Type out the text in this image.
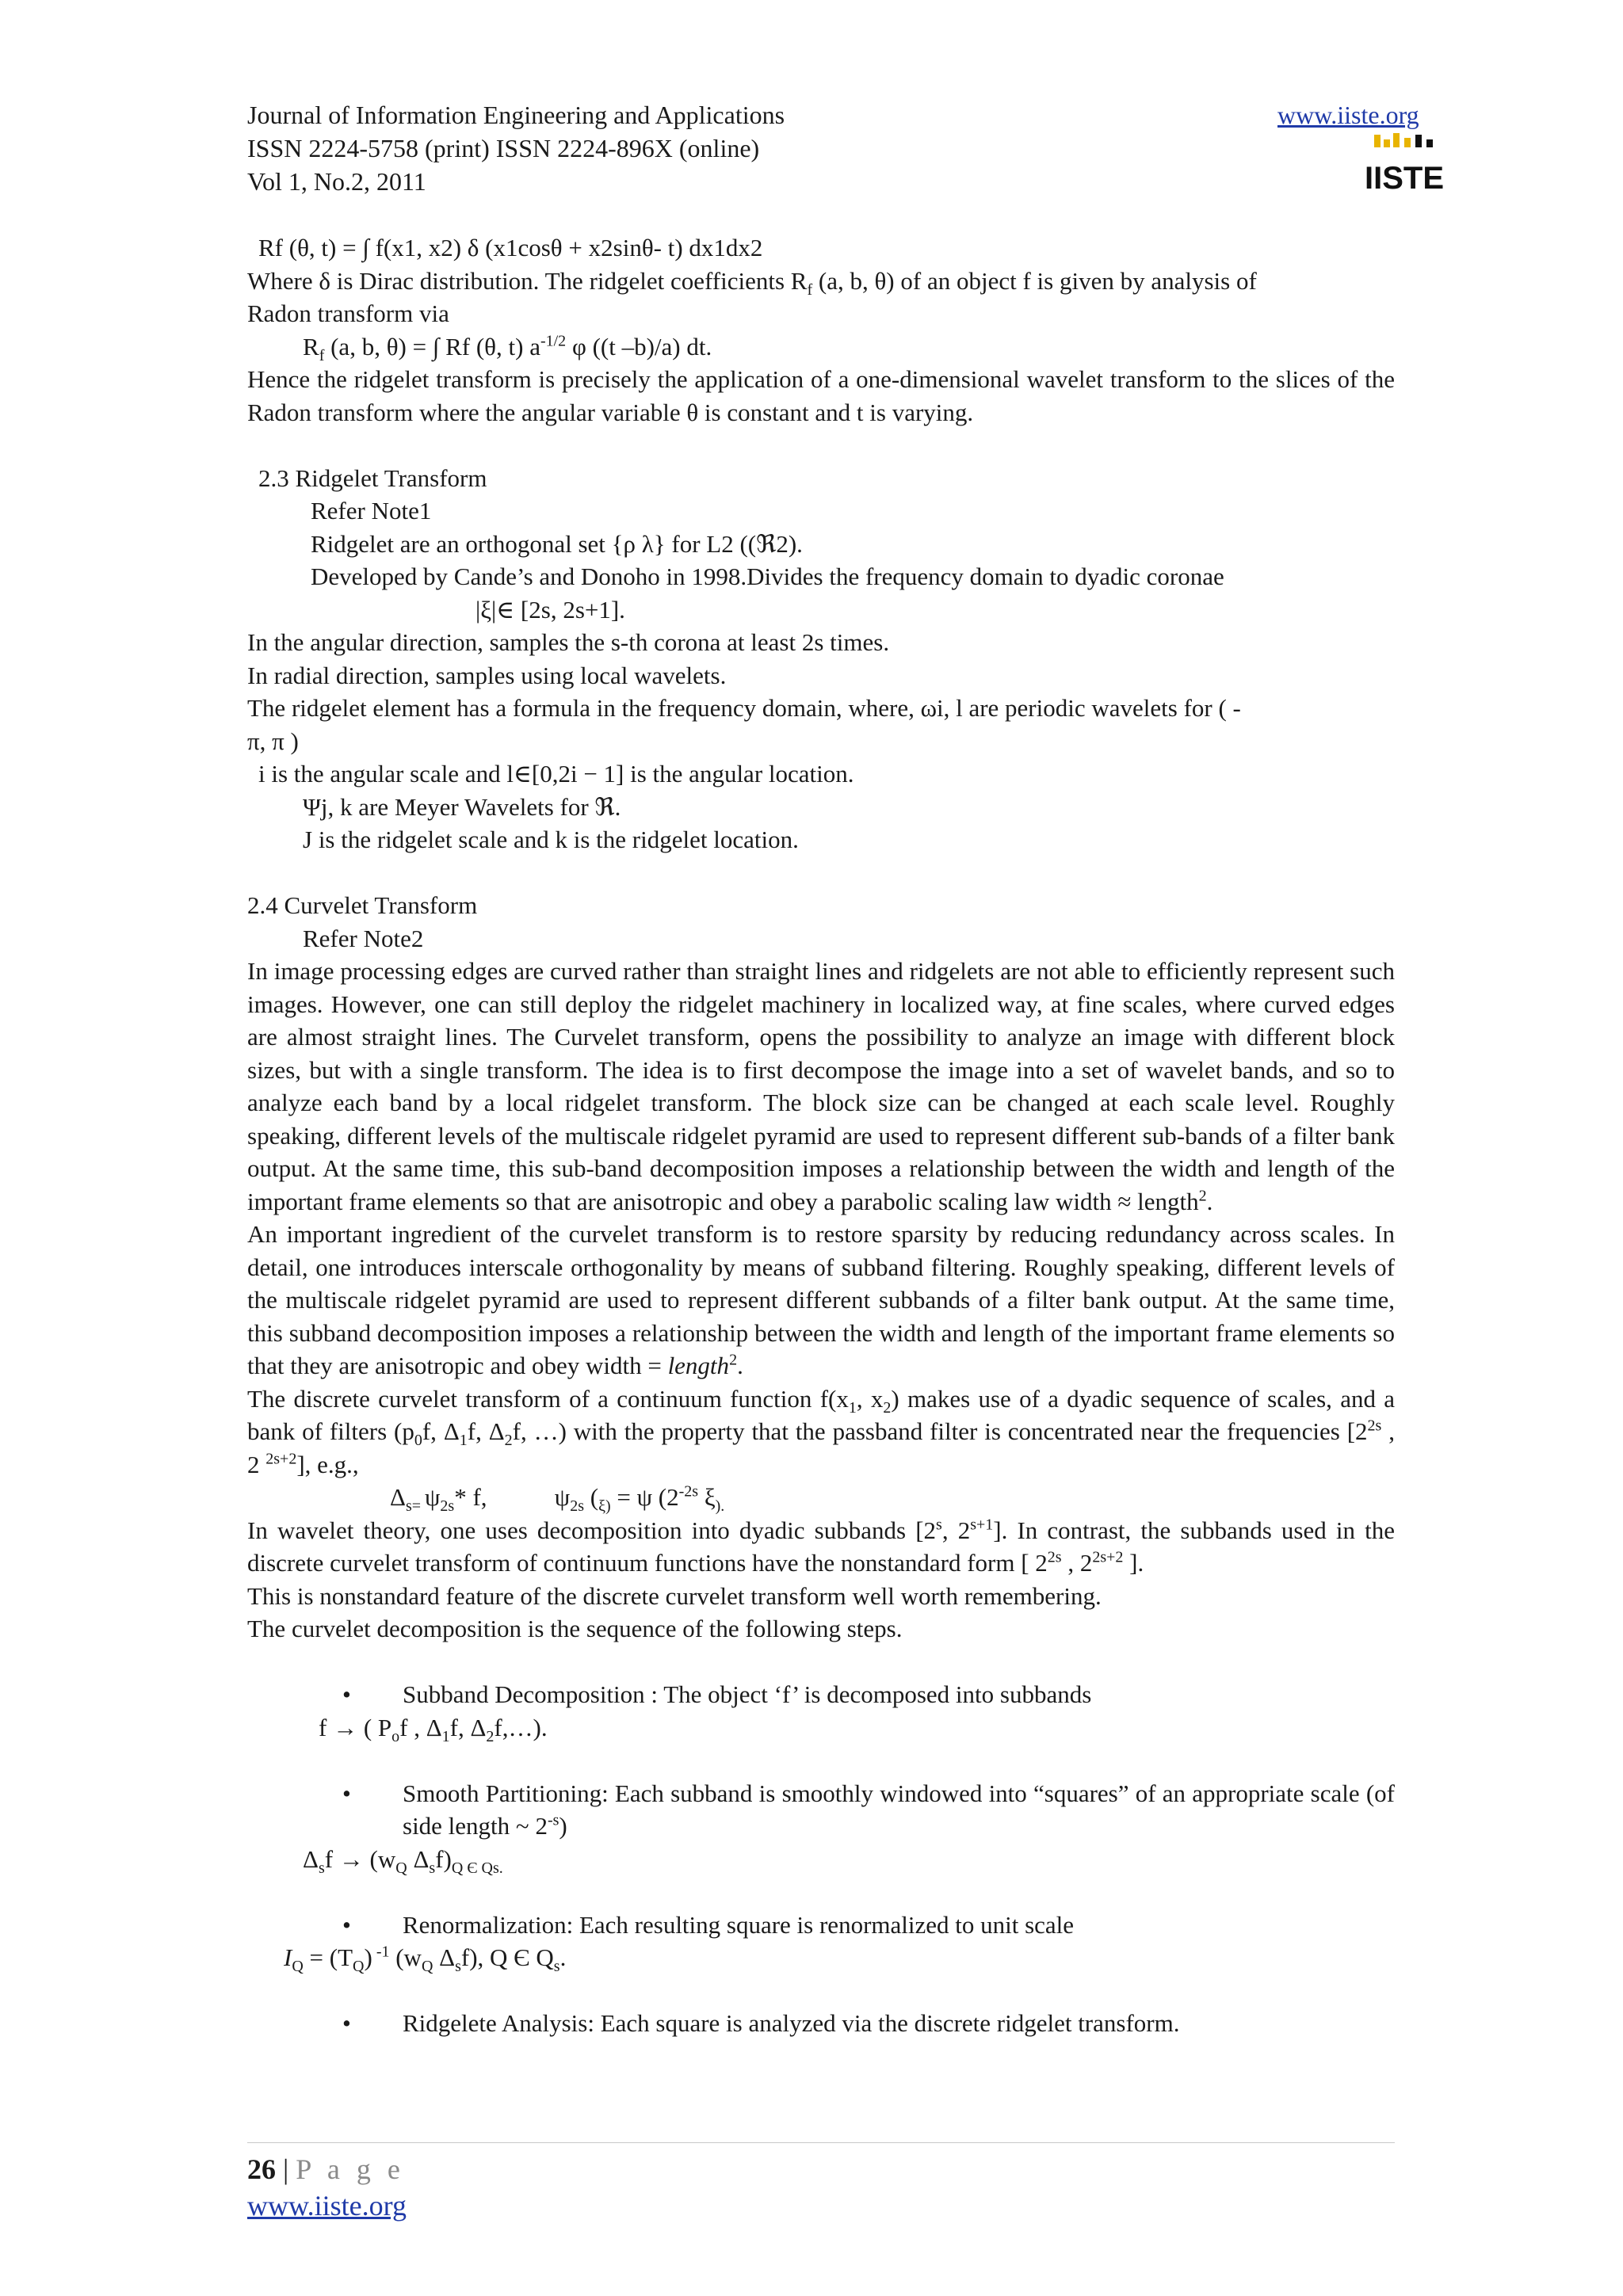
Journal of Information Engineering and Applications
ISSN 2224-5758 (print) ISSN 2224-896X (online)
Vol 1, No.2, 2011
www.iiste.org
IISTE

Rf (θ, t) = ∫ f(x1, x2) δ (x1cosθ + x2sinθ- t) dx1dx2

Where δ is Dirac distribution. The ridgelet coefficients $R_f$ (a, b, θ) of an object f is given by analysis of

Radon transform via

$R_f$ (a, b, θ) = ∫ Rf (θ, t) $a^{-1/2}$ φ ((t –b)/a) dt.

Hence the ridgelet transform is precisely the application of a one-dimensional wavelet transform to the slices of the Radon transform where the angular variable θ is constant and t is varying.

2.3 Ridgelet Transform

Refer Note1

Ridgelet are an orthogonal set {ρ λ} for L2 ((ℜ2).

Developed by Cande’s and Donoho in 1998.Divides the frequency domain to dyadic coronae

|ξ|∈ [2s, 2s+1].

In the angular direction, samples the s-th corona at least 2s times.

In radial direction, samples using local wavelets.

The ridgelet element has a formula in the frequency domain, where, ωi, l are periodic wavelets for ( -

π, π )

i is the angular scale and l∈[0,2i − 1] is the angular location.

Ψj, k are Meyer Wavelets for ℜ.

J is the ridgelet scale and k is the ridgelet location.

2.4 Curvelet Transform

Refer Note2

In image processing edges are curved rather than straight lines and ridgelets are not able to efficiently represent such images. However, one can still deploy the ridgelet machinery in localized way, at fine scales, where curved edges are almost straight lines. The Curvelet transform, opens the possibility to analyze an image with different block sizes, but with a single transform. The idea is to first decompose the image into a set of wavelet bands, and so to analyze each band by a local ridgelet transform. The block size can be changed at each scale level. Roughly speaking, different levels of the multiscale ridgelet pyramid are used to represent different sub-bands of a filter bank output. At the same time, this sub-band decomposition imposes a relationship between the width and length of the important frame elements so that are anisotropic and obey a parabolic scaling law width ≈ length$^2$.

An important ingredient of the curvelet transform is to restore sparsity by reducing redundancy across scales. In detail, one introduces interscale orthogonality by means of subband filtering. Roughly speaking, different levels of the multiscale ridgelet pyramid are used to represent different subbands of a filter bank output. At the same time, this subband decomposition imposes a relationship between the width and length of the important frame elements so that they are anisotropic and obey width = length$^2$.

The discrete curvelet transform of a continuum function $f(x_1$, $x_2$) makes use of a dyadic sequence of scales, and a bank of filters ($p_0f$, $\Delta_1f$, $\Delta_2f$, …) with the property that the passband filter is concentrated near the frequencies [$2^{2s}$ , 2 $^{2s+2}$], e.g.,

$\Delta_{s=}$ $\psi_{2s}*$ f,	$\psi_{2s}$ ($_{\xi)} = \psi$ ($2^{-2s}$ $\xi_{).}$

In wavelet theory, one uses decomposition into dyadic subbands [2$^s$, $2^{s+1}$]. In contrast, the subbands used in the discrete curvelet transform of continuum functions have the nonstandard form [ $2^{2s}$ , $2^{2s+2}$ ].

This is nonstandard feature of the discrete curvelet transform well worth remembering.

The curvelet decomposition is the sequence of the following steps.

• Subband Decomposition : The object ‘f’ is decomposed into subbands

f → ( $P_of$ , $\Delta_1f$, $\Delta_2f,\dots$).

• Smooth Partitioning: Each subband is smoothly windowed into “squares” of an appropriate scale (of side length ~ $2^{-s}$)

$\Delta_sf \to (w_Q$ $\Delta_sf)_{Q Є Qs.}$

• Renormalization: Each resulting square is renormalized to unit scale

$I_Q = (T_Q)$ $^{-1}$ ($w_Q$ $\Delta_sf$), Q Є $Q_s$.

• Ridgelete Analysis: Each square is analyzed via the discrete ridgelet transform.

26 | P a g e
www.iiste.org
